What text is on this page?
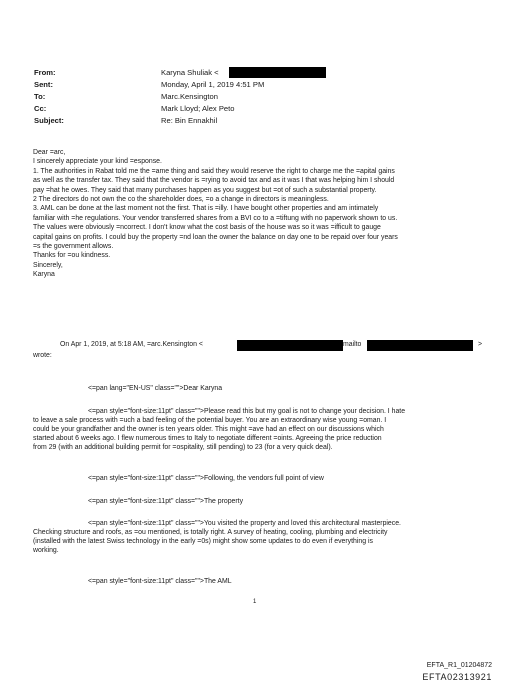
From:	Karyna Shuliak <
Sent:	Monday, April 1, 2019 4:51 PM
To:	Marc.Kensington
Cc:	Mark Lloyd; Alex Peto
Subject:	Re: Bin Ennakhil
Dear =arc,
I sincerely appreciate your kind =esponse.
1. The authorities in Rabat told me the =ame thing and said they would reserve the right to charge me the =apital gains
as well as the transfer tax. They said that the vendor is =rying to avoid tax and as it was I that was helping him I should
pay =hat he owes. They said that many purchases happen as you suggest but =ot of such a substantial property.
2 The directors do not own the co the shareholder does, =o a change in directors is meaningless.
3. AML can be done at the last moment not the first. That is =illy. I have bought other properties and am intimately
familiar with =he regulations. Your vendor transferred shares from a BVI co to a =tiftung with no paperwork shown to us.
The values were obviously =ncorrect. I don't know what the cost basis of the house was so it was =ifficult to gauge
capital gains on profits. I could buy the property =nd loan the owner the balance on day one to be repaid over four years
=s the government allows.
Thanks for =ou kindness.
Sincerely,
Karyna
On Apr 1, 2019, at 5:18 AM, =arc.Kensington <	mailto	>
wrote:
<=pan lang="EN-US" class="">Dear Karyna
<=pan style="font-size:11pt" class="">Please read this but my goal is not to change your decision. I hate
to leave a sale process with =uch a bad feeling of the potential buyer. You are an extraordinary wise young =oman. I
could be your grandfather and the owner is ten years older. This might =ave had an effect on our discussions which
started about 6 weeks ago. I flew numerous times to Italy to negotiate different =oints. Agreeing the price reduction
from 29 (with an additional building permit for =ospitality, still pending) to 23 (for a very quick deal).
<=pan style="font-size:11pt" class="">Following, the vendors full point of view
<=pan style="font-size:11pt" class="">The property
<=pan style="font-size:11pt" class="">You visited the property and loved this architectural masterpiece.
Checking structure and roofs, as =ou mentioned, is totally right. A survey of heating, cooling, plumbing and electricity
(installed with the latest Swiss technology in the early =0s) might show some updates to do even if everything is
working.
<=pan style="font-size:11pt" class="">The AML
1
EFTA_R1_01204872
EFTA02313921
